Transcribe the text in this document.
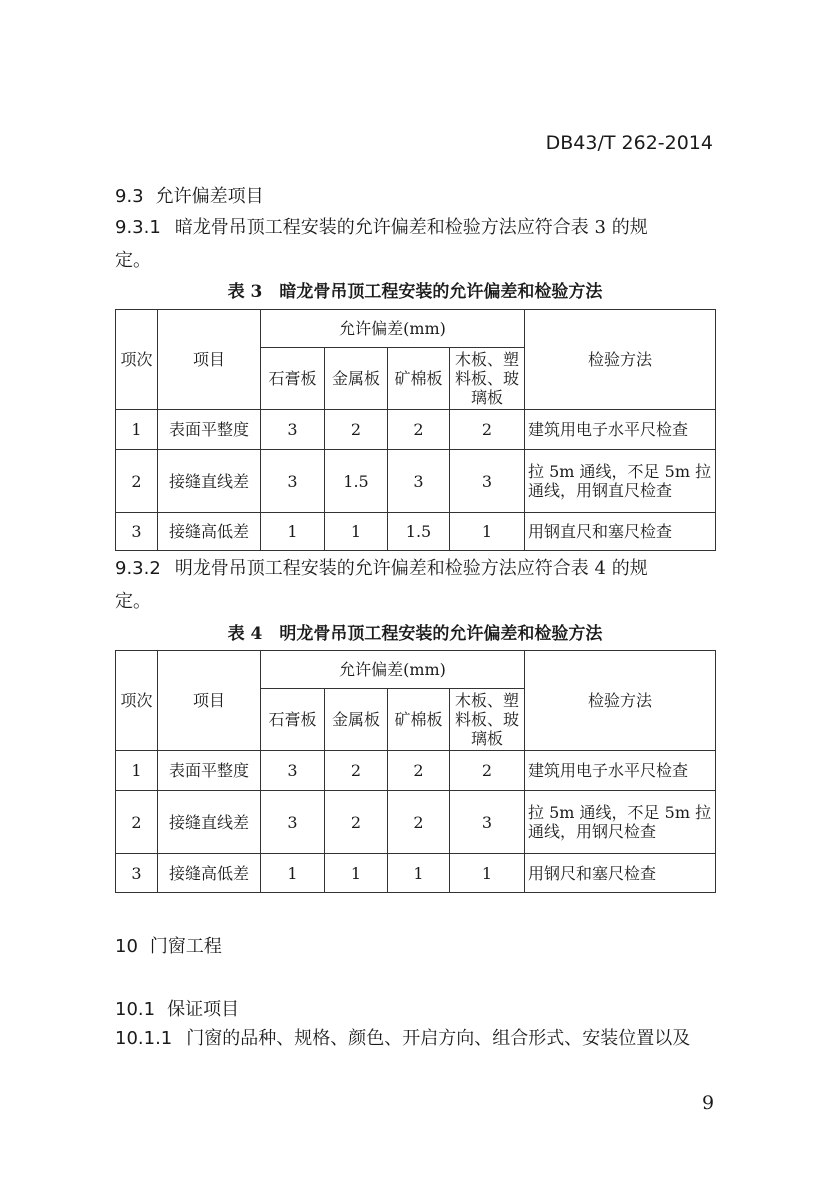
DB43/T 262-2014
9.3 允许偏差项目
9.3.1 暗龙骨吊顶工程安装的允许偏差和检验方法应符合表 3 的规
定。
表 3　暗龙骨吊顶工程安装的允许偏差和检验方法
项次	项目	允许偏差(mm)				检验方法
		石膏板	金属板	矿棉板	木板、塑
料板、玻
璃板	

1	表面平整度	3	2	2	2	建筑用电子水平尺检查

2	接缝直线差	3	1.5	3	3	拉 5m 通线，不足 5m 拉
通线，用钢直尺检查

3	接缝高低差	1	1	1.5	1	用钢直尺和塞尺检查
9.3.2 明龙骨吊顶工程安装的允许偏差和检验方法应符合表 4 的规
定。
表 4　明龙骨吊顶工程安装的允许偏差和检验方法
项次	项目	允许偏差(mm)				检验方法
		石膏板	金属板	矿棉板	木板、塑
料板、玻
璃板	

1	表面平整度	3	2	2	2	建筑用电子水平尺检查

2	接缝直线差	3	2	2	3	拉 5m 通线，不足 5m 拉
通线，用钢尺检查

3	接缝高低差	1	1	1	1	用钢尺和塞尺检查
10 门窗工程
10.1 保证项目
10.1.1 门窗的品种、规格、颜色、开启方向、组合形式、安装位置以及
9
